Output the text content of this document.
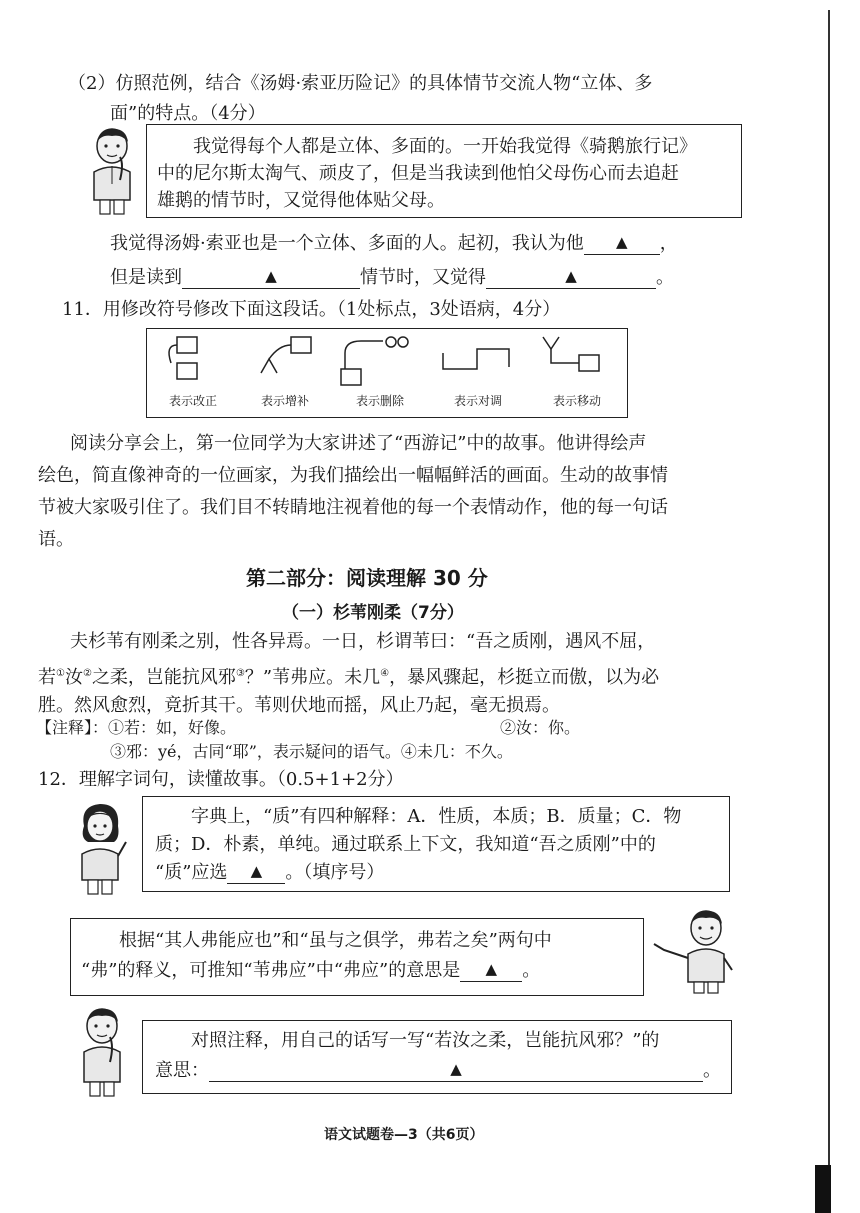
（2）仿照范例，结合《汤姆·索亚历险记》的具体情节交流人物“立体、多
面”的特点。（4分）
我觉得每个人都是立体、多面的。一开始我觉得《骑鹅旅行记》
中的尼尔斯太淘气、顽皮了，但是当我读到他怕父母伤心而去追赶
雄鹅的情节时，又觉得他体贴父母。
我觉得汤姆·索亚也是一个立体、多面的人。起初，我认为他 ▲ ，
但是读到	▲	情节时，又觉得	▲	。
11．用修改符号修改下面这段话。（1处标点，3处语病，4分）
表示改正	表示增补	表示删除	表示对调	表示移动
阅读分享会上，第一位同学为大家讲述了“西游记”中的故事。他讲得绘声
绘色，简直像神奇的一位画家，为我们描绘出一幅幅鲜活的画面。生动的故事情
节被大家吸引住了。我们目不转睛地注视着他的每一个表情动作，他的每一句话
语。
第二部分：阅读理解 30 分
（一）杉苇刚柔（7分）
夫杉苇有刚柔之别，性各异焉。一日，杉谓苇曰：“吾之质刚，遇风不屈，
若①汝②之柔，岂能抗风邪③？”苇弗应。未几④，暴风骤起，杉挺立而傲，以为必
胜。然风愈烈，竟折其干。苇则伏地而摇，风止乃起，毫无损焉。
【注释】：①若：如，好像。	②汝：你。
③邪：yé，古同“耶”，表示疑问的语气。④未几：不久。
12．理解字词句，读懂故事。（0.5+1+2分）
字典上，“质”有四种解释：A．性质，本质；B．质量；C．物
质；D．朴素，单纯。通过联系上下文，我知道“吾之质刚”中的
“质”应选 ▲ 。（填序号）
根据“其人弗能应也”和“虽与之俱学，弗若之矣”两句中
“弗”的释义，可推知“苇弗应”中“弗应”的意思是 ▲ 。
对照注释，用自己的话写一写“若汝之柔，岂能抗风邪？”的
意思：	▲	。
语文试题卷—3（共6页）
